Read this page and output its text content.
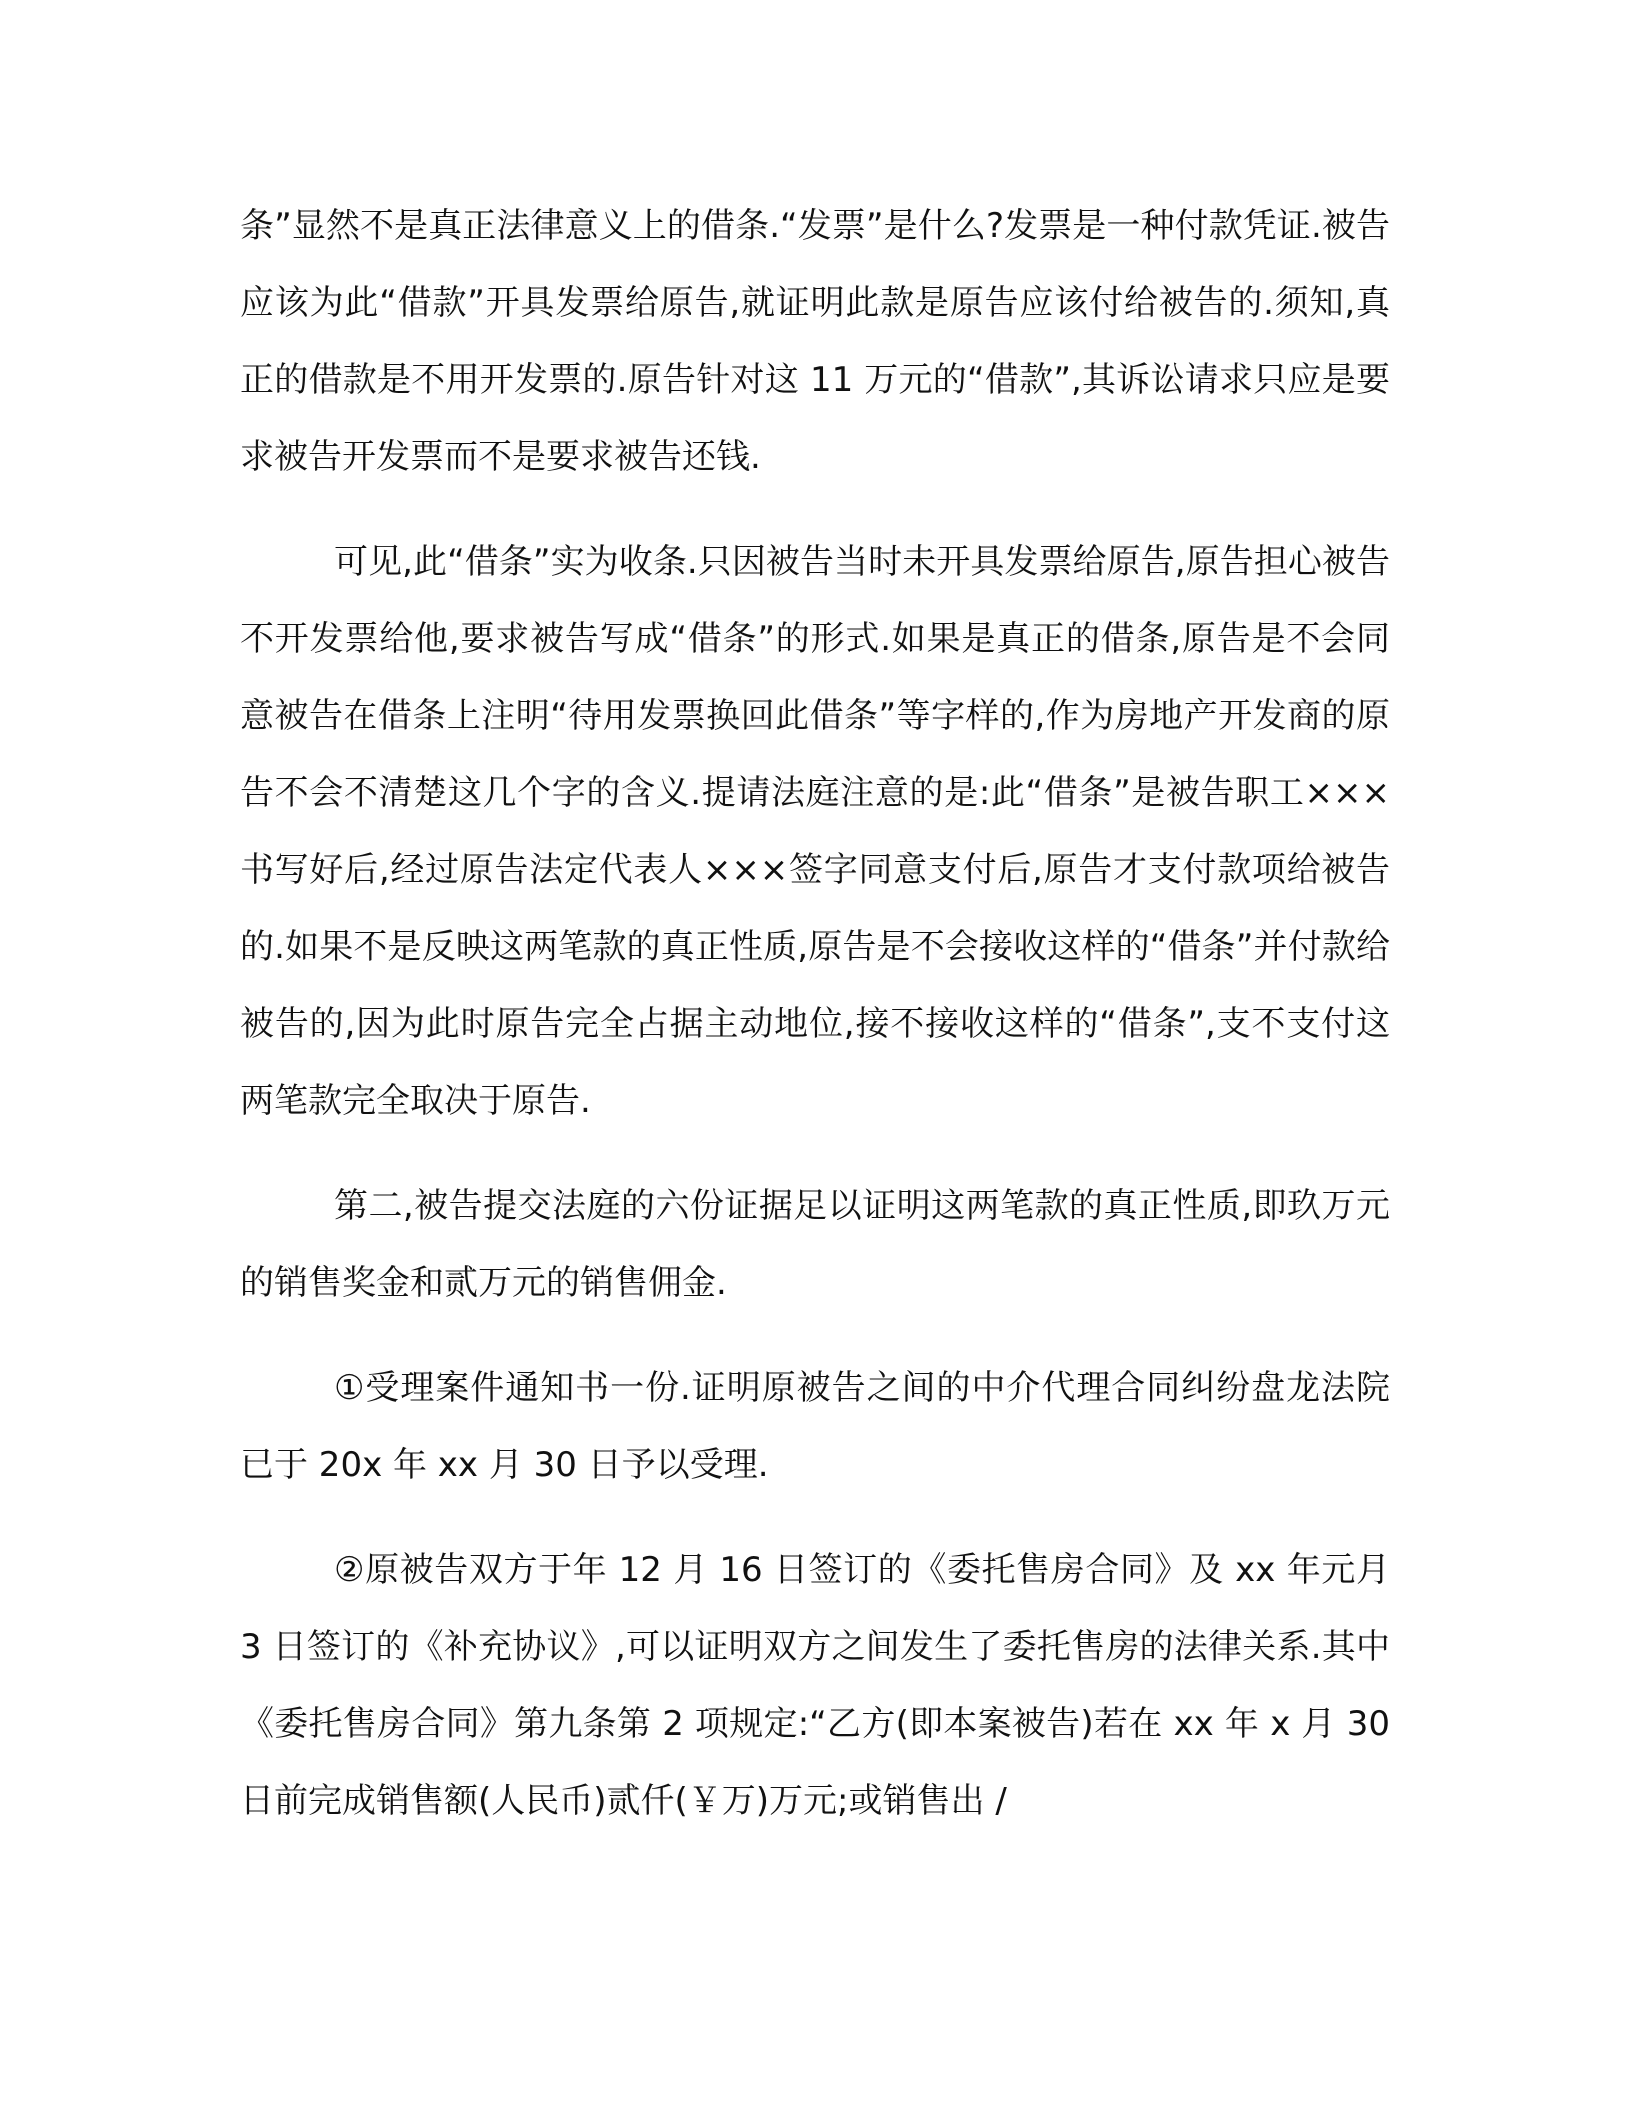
条”显然不是真正法律意义上的借条.“发票”是什么?发票是一种付款凭证.被告应该为此“借款”开具发票给原告,就证明此款是原告应该付给被告的.须知,真正的借款是不用开发票的.原告针对这 11 万元的“借款”,其诉讼请求只应是要求被告开发票而不是要求被告还钱.

可见,此“借条”实为收条.只因被告当时未开具发票给原告,原告担心被告不开发票给他,要求被告写成“借条”的形式.如果是真正的借条,原告是不会同意被告在借条上注明“待用发票换回此借条”等字样的,作为房地产开发商的原告不会不清楚这几个字的含义.提请法庭注意的是:此“借条”是被告职工×××书写好后,经过原告法定代表人×××签字同意支付后,原告才支付款项给被告的.如果不是反映这两笔款的真正性质,原告是不会接收这样的“借条”并付款给被告的,因为此时原告完全占据主动地位,接不接收这样的“借条”,支不支付这两笔款完全取决于原告.

第二,被告提交法庭的六份证据足以证明这两笔款的真正性质,即玖万元的销售奖金和贰万元的销售佣金.

①受理案件通知书一份.证明原被告之间的中介代理合同纠纷盘龙法院已于 20x 年 xx 月 30 日予以受理.

②原被告双方于年 12 月 16 日签订的《委托售房合同》及 xx 年元月 3 日签订的《补充协议》,可以证明双方之间发生了委托售房的法律关系.其中《委托售房合同》第九条第 2 项规定:“乙方(即本案被告)若在 xx 年 x 月 30 日前完成销售额(人民币)贰仟(￥万)万元;或销售出 /
